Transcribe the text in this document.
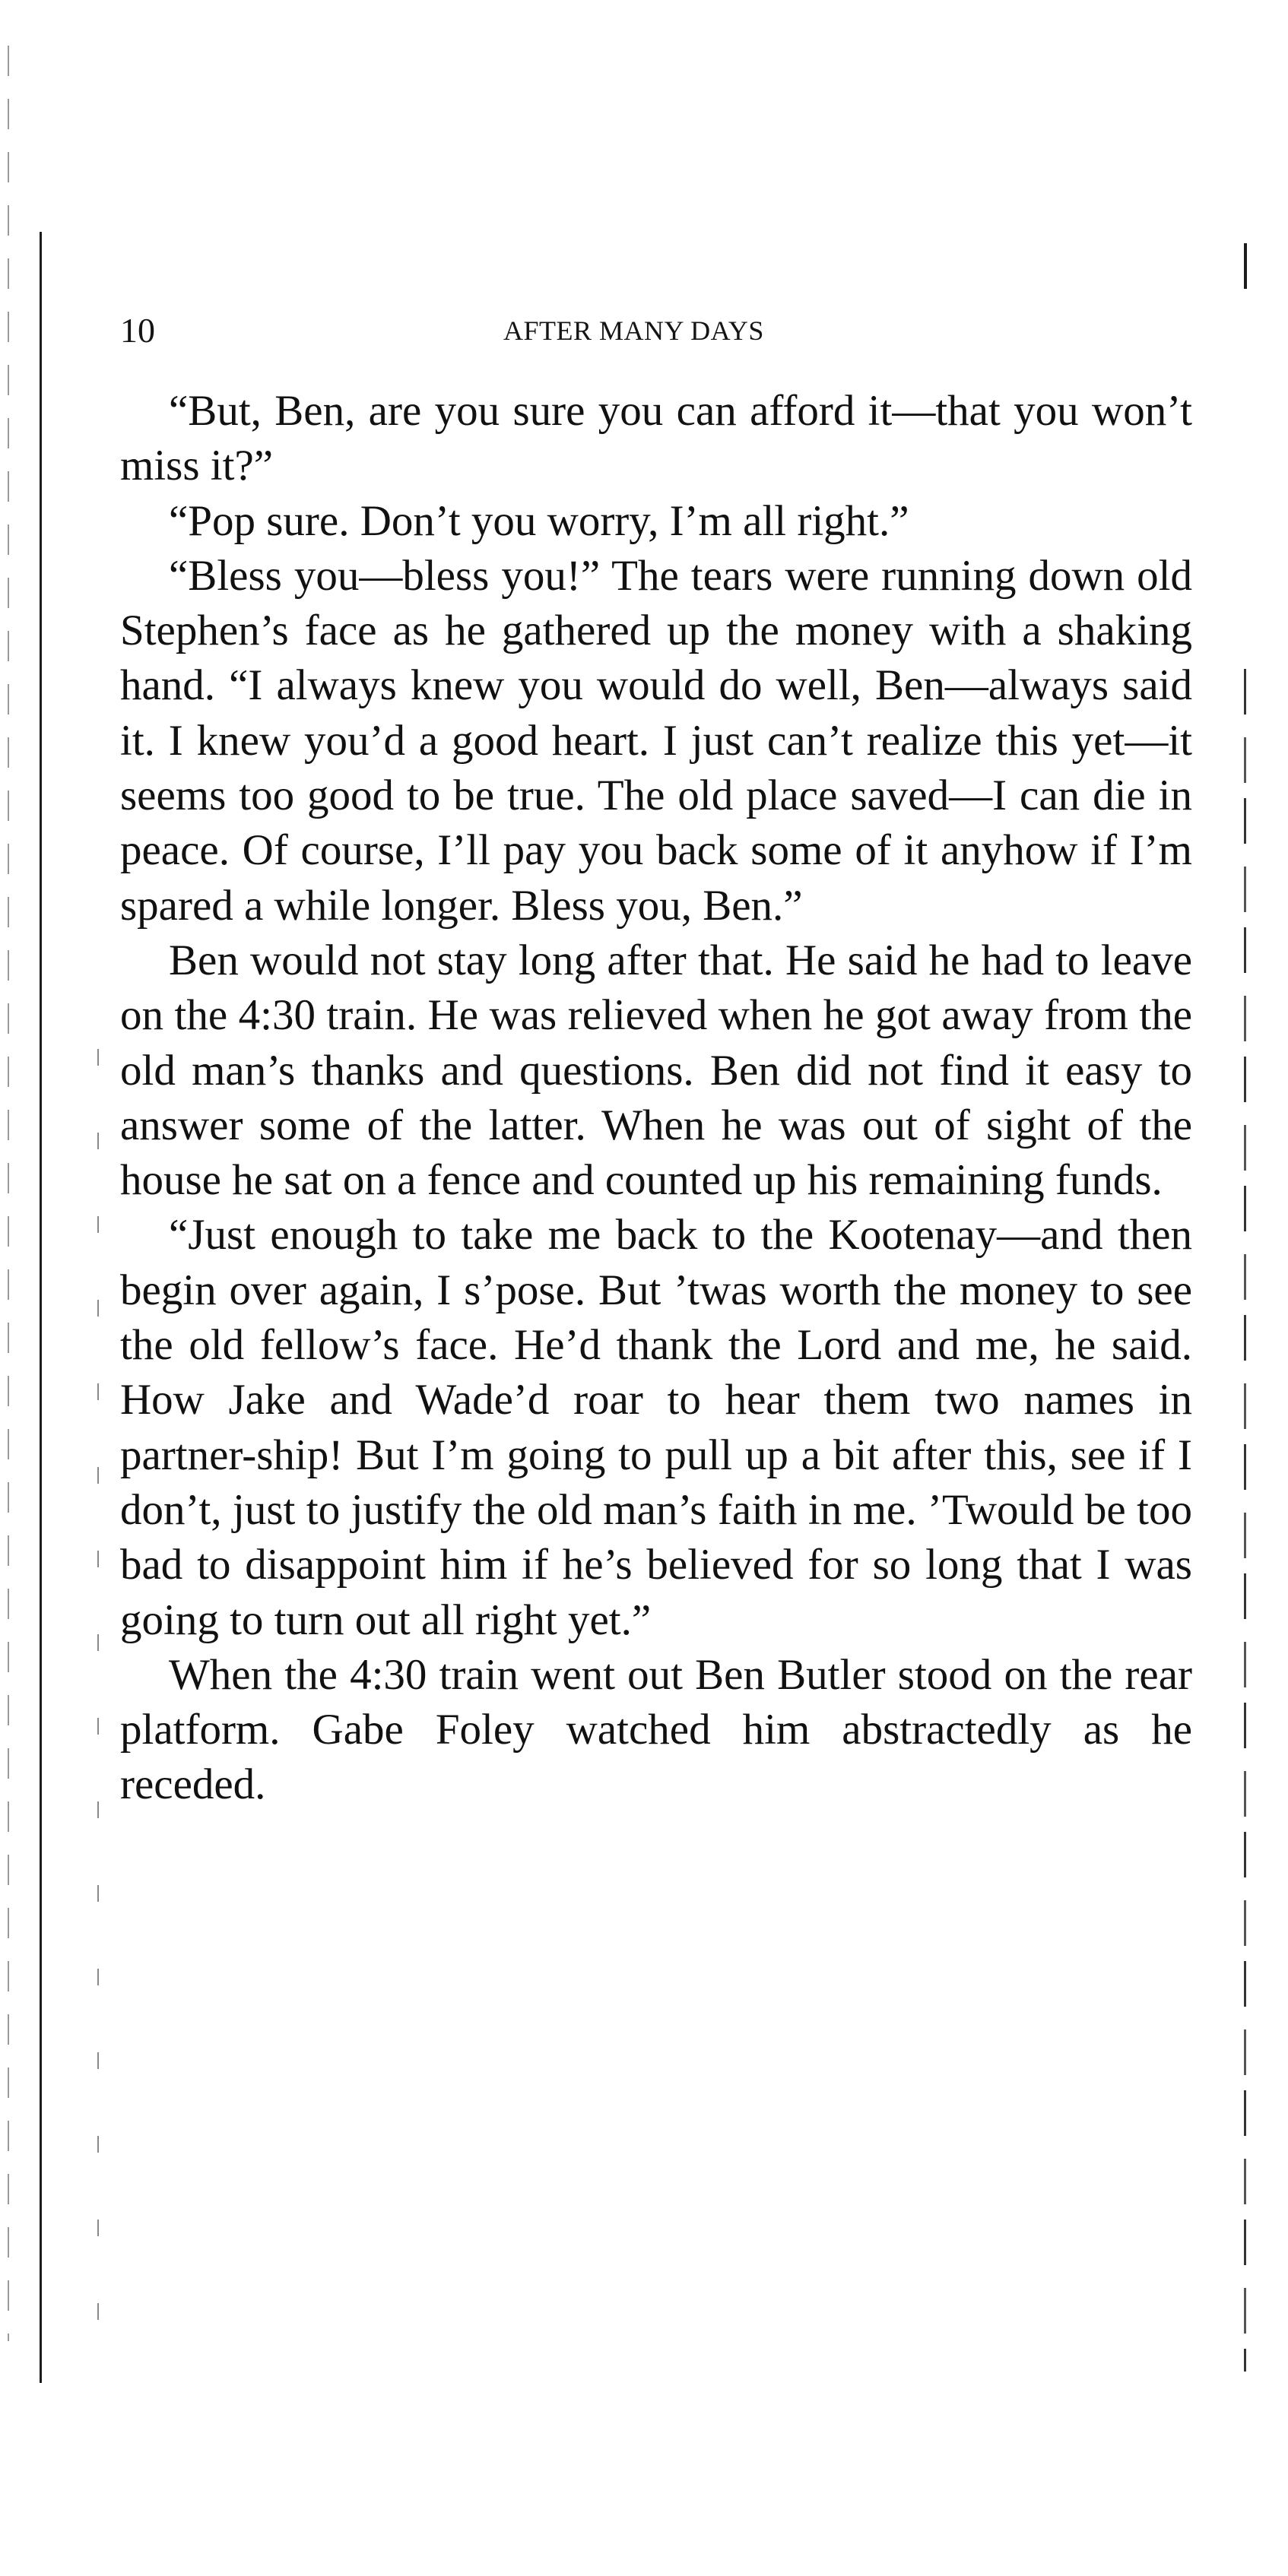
10	AFTER MANY DAYS

“But, Ben, are you sure you can afford it—that you won’t miss it?”

“Pop sure. Don’t you worry, I’m all right.”

“Bless you—bless you!” The tears were running down old Stephen’s face as he gathered up the money with a shaking hand. “I always knew you would do well, Ben—always said it. I knew you’d a good heart. I just can’t realize this yet—it seems too good to be true. The old place saved—I can die in peace. Of course, I’ll pay you back some of it anyhow if I’m spared a while longer. Bless you, Ben.”

Ben would not stay long after that. He said he had to leave on the 4:30 train. He was relieved when he got away from the old man’s thanks and questions. Ben did not find it easy to answer some of the latter. When he was out of sight of the house he sat on a fence and counted up his remaining funds.

“Just enough to take me back to the Kootenay—and then begin over again, I s’pose. But ’twas worth the money to see the old fellow’s face. He’d thank the Lord and me, he said. How Jake and Wade’d roar to hear them two names in partner-ship! But I’m going to pull up a bit after this, see if I don’t, just to justify the old man’s faith in me. ’Twould be too bad to disappoint him if he’s believed for so long that I was going to turn out all right yet.”

When the 4:30 train went out Ben Butler stood on the rear platform. Gabe Foley watched him abstractedly as he receded.
